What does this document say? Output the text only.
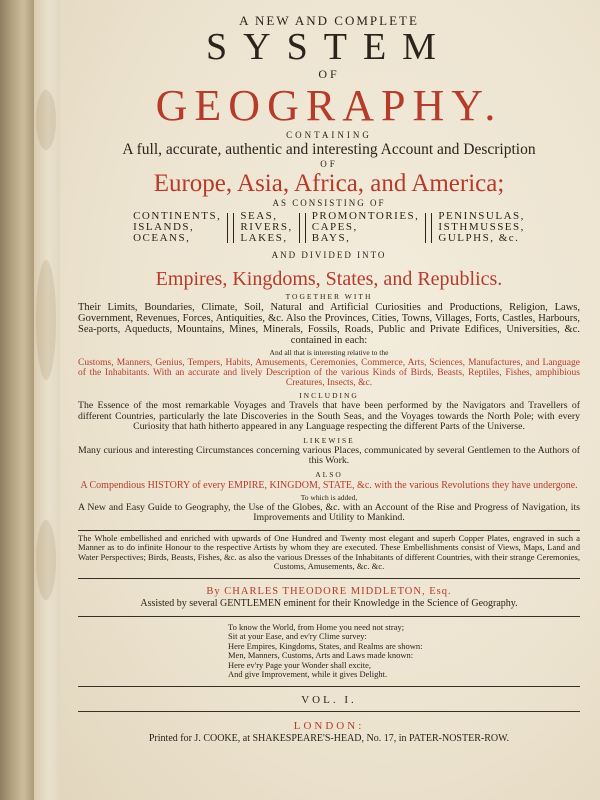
A NEW AND COMPLETE
SYSTEM
OF
GEOGRAPHY.
CONTAINING
A full, accurate, authentic and interesting Account and Description
OF
Europe, Asia, Africa, and America;
AS CONSISTING OF
CONTINENTS,
ISLANDS,
OCEANS,
SEAS,
RIVERS,
LAKES,
PROMONTORIES,
CAPES,
BAYS,
PENINSULAS,
ISTHMUSSES,
GULPHS, &c.
AND DIVIDED INTO
Empires, Kingdoms, States, and Republics.
TOGETHER WITH

Their Limits, Boundaries, Climate, Soil, Natural and Artificial Curiosities and Productions, Religion, Laws, Government, Revenues, Forces, Antiquities, &c. Also the Provinces, Cities, Towns, Villages, Forts, Castles, Harbours, Sea-ports, Aqueducts, Mountains, Mines, Minerals, Fossils, Roads, Public and Private Edifices, Universities, &c. contained in each:

And all that is interesting relative to the

Customs, Manners, Genius, Tempers, Habits, Amusements, Ceremonies, Commerce, Arts, Sciences, Manufactures, and Language of the Inhabitants. With an accurate and lively Description of the various Kinds of Birds, Beasts, Reptiles, Fishes, amphibious Creatures, Insects, &c.

INCLUDING

The Essence of the most remarkable Voyages and Travels that have been performed by the Navigators and Travellers of different Countries, particularly the late Discoveries in the South Seas, and the Voyages towards the North Pole; with every Curiosity that hath hitherto appeared in any Language respecting the different Parts of the Universe.

LIKEWISE

Many curious and interesting Circumstances concerning various Places, communicated by several Gentlemen to the Authors of this Work.

ALSO

A Compendious HISTORY of every EMPIRE, KINGDOM, STATE, &c. with the various Revolutions they have undergone.

To which is added,

A New and Easy Guide to Geography, the Use of the Globes, &c. with an Account of the Rise and Progress of Navigation, its Improvements and Utility to Mankind.

The Whole embellished and enriched with upwards of One Hundred and Twenty most elegant and superb Copper Plates, engraved in such a Manner as to do infinite Honour to the respective Artists by whom they are executed. These Embellishments consist of Views, Maps, Land and Water Perspectives; Birds, Beasts, Fishes, &c. as also the various Dresses of the Inhabitants of different Countries, with their strange Ceremonies, Customs, Amusements, &c. &c.

By CHARLES THEODORE MIDDLETON, Esq.
Assisted by several GENTLEMEN eminent for their Knowledge in the Science of Geography.
To know the World, from Home you need not stray;
Sit at your Ease, and ev'ry Clime survey:
Here Empires, Kingdoms, States, and Realms are shown:
Men, Manners, Customs, Arts and Laws made known:
Here ev'ry Page your Wonder shall excite,
And give Improvement, while it gives Delight.
VOL. I.
LONDON:
Printed for J. COOKE, at SHAKESPEARE'S-HEAD, No. 17, in PATER-NOSTER-ROW.
